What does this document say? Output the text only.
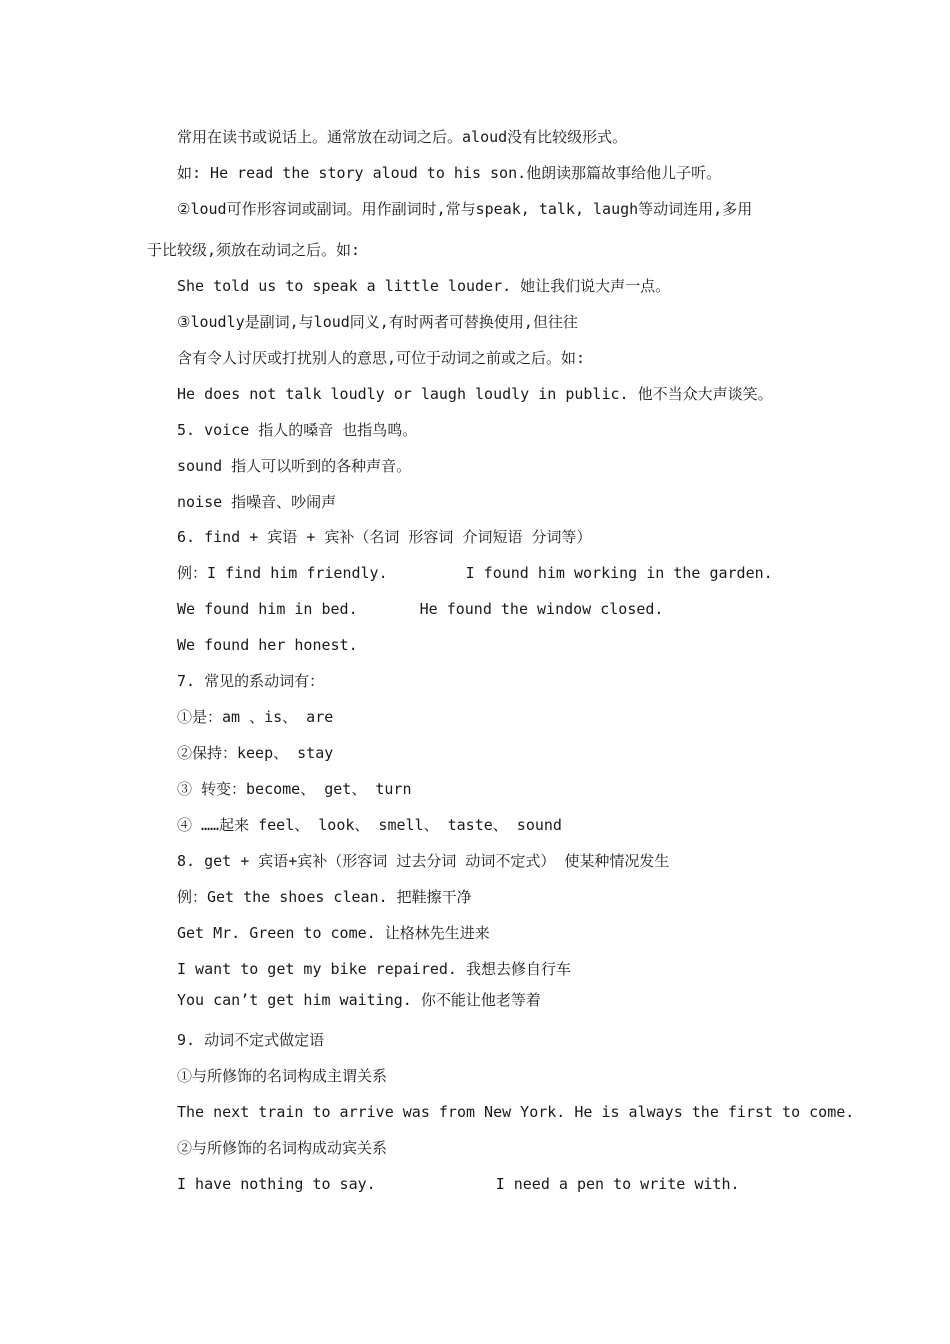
常用在读书或说话上。通常放在动词之后。aloud没有比较级形式。
如: He read the story aloud to his son.他朗读那篇故事给他儿子听。
②loud可作形容词或副词。用作副词时,常与speak, talk, laugh等动词连用,多用
于比较级,须放在动词之后。如:
She told us to speak a little louder. 她让我们说大声一点。
③loudly是副词,与loud同义,有时两者可替换使用,但往往
含有令人讨厌或打扰别人的意思,可位于动词之前或之后。如:
He does not talk loudly or laugh loudly in public. 他不当众大声谈笑。
5. voice 指人的嗓音 也指鸟鸣。
sound 指人可以听到的各种声音。
noise 指噪音、吵闹声
6. find + 宾语 + 宾补（名词 形容词 介词短语 分词等）
例：I find him friendly.	I found him working in the garden.
We found him in bed.	He found the window closed.
We found her honest.
7. 常见的系动词有：
①是：am 、is、 are
②保持：keep、 stay
③ 转变：become、 get、 turn
④ ……起来 feel、 look、 smell、 taste、 sound
8. get + 宾语+宾补（形容词 过去分词 动词不定式） 使某种情况发生
例：Get the shoes clean. 把鞋擦干净
Get Mr. Green to come. 让格林先生进来
I want to get my bike repaired. 我想去修自行车
You can’t get him waiting. 你不能让他老等着
9. 动词不定式做定语
①与所修饰的名词构成主谓关系
The next train to arrive was from New York. He is always the first to come.
②与所修饰的名词构成动宾关系
I have nothing to say.	I need a pen to write with.
